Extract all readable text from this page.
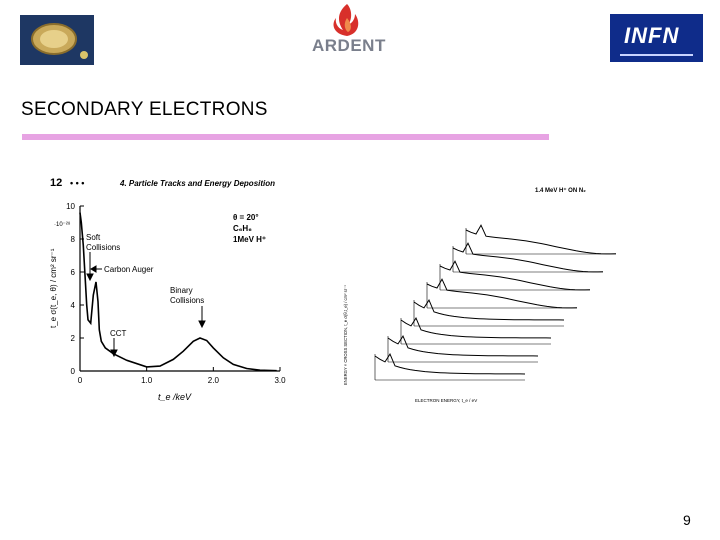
ARDENT	INFN
SECONDARY ELECTRONS
12 • • •	4. Particle Tracks and Energy Deposition
10
8
6
4
2
0
0	1.0	2.0	3.0
·10⁻²⁸
θ = 20°
C₆H₆
1MeV H⁺
Soft
Collisions
Carbon Auger
Binary
Collisions
CCT
t_e σ(t_e, θ) / cm² sr⁻¹
t_e /keV
1.4 MeV H⁺ ON N₂
ELECTRON ENERGY, t_e / eV
ENERGY × CROSS SECTION, t_e σ(θ,t_e) / cm² sr⁻¹
9
